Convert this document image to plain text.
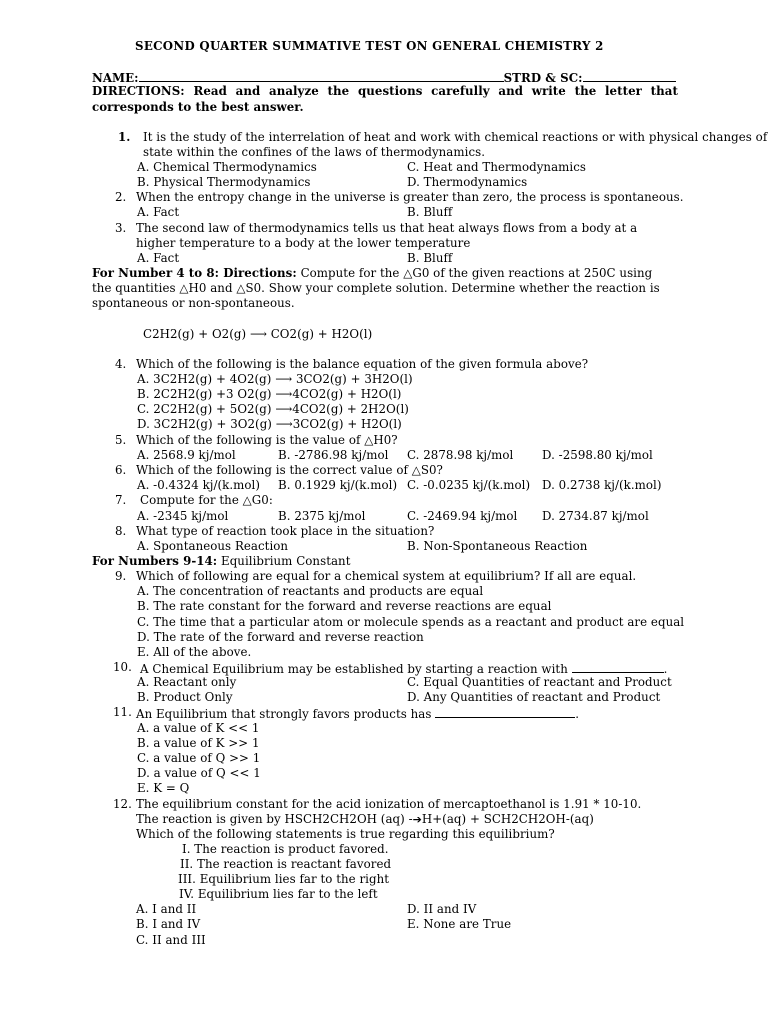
SECOND QUARTER SUMMATIVE TEST ON GENERAL CHEMISTRY 2
NAME:	STRD & SC:
DIRECTIONS: Read and analyze the questions carefully and write the letter that corresponds to the best answer.
1. It is the study of the interrelation of heat and work with chemical reactions or with physical changes of
state within the confines of the laws of thermodynamics.
A. Chemical Thermodynamics	C. Heat and Thermodynamics
B. Physical Thermodynamics	D. Thermodynamics
2. When the entropy change in the universe is greater than zero, the process is spontaneous.
A. Fact	B. Bluff
3. The second law of thermodynamics tells us that heat always flows from a body at a
higher temperature to a body at the lower temperature
A. Fact	B. Bluff
For Number 4 to 8: Directions: Compute for the △G0 of the given reactions at 250C using
the quantities △H0 and △S0. Show your complete solution. Determine whether the reaction is
spontaneous or non-spontaneous.
C2H2(g) + O2(g) ⟶ CO2(g) + H2O(l)
4. Which of the following is the balance equation of the given formula above?
A. 3C2H2(g) + 4O2(g) ⟶ 3CO2(g) + 3H2O(l)
B. 2C2H2(g) +3 O2(g) ⟶4CO2(g) + H2O(l)
C. 2C2H2(g) + 5O2(g) ⟶4CO2(g) + 2H2O(l)
D. 3C2H2(g) + 3O2(g) ⟶3CO2(g) + H2O(l)
5. Which of the following is the value of △H0?
A. 2568.9 kj/mol	B. -2786.98 kj/mol C. 2878.98 kj/mol D. -2598.80 kj/mol
6. Which of the following is the correct value of △S0?
A. -0.4324 kj/(k.mol) B. 0.1929 kj/(k.mol) C. -0.0235 kj/(k.mol) D. 0.2738 kj/(k.mol)
7. Compute for the △G0:
A. -2345 kj/mol	B. 2375 kj/mol	C. -2469.94 kj/mol D. 2734.87 kj/mol
8. What type of reaction took place in the situation?
A. Spontaneous Reaction	B. Non-Spontaneous Reaction
For Numbers 9-14: Equilibrium Constant
9. Which of following are equal for a chemical system at equilibrium? If all are equal.
A. The concentration of reactants and products are equal
B. The rate constant for the forward and reverse reactions are equal
C. The time that a particular atom or molecule spends as a reactant and product are equal
D. The rate of the forward and reverse reaction
E. All of the above.
10. A Chemical Equilibrium may be established by starting a reaction with	.
A. Reactant only	C. Equal Quantities of reactant and Product
B. Product Only	D. Any Quantities of reactant and Product
11. An Equilibrium that strongly favors products has	.
A. a value of K << 1
B. a value of K >> 1
C. a value of Q >> 1
D. a value of Q << 1
E. K = Q
12. The equilibrium constant for the acid ionization of mercaptoethanol is 1.91 * 10-10.
The reaction is given by HSCH2CH2OH (aq) -➔H+(aq) + SCH2CH2OH-(aq)
Which of the following statements is true regarding this equilibrium?
I. The reaction is product favored.
II. The reaction is reactant favored
III. Equilibrium lies far to the right
IV. Equilibrium lies far to the left
A. I and II	D. II and IV
B. I and IV	E. None are True
C. II and III
